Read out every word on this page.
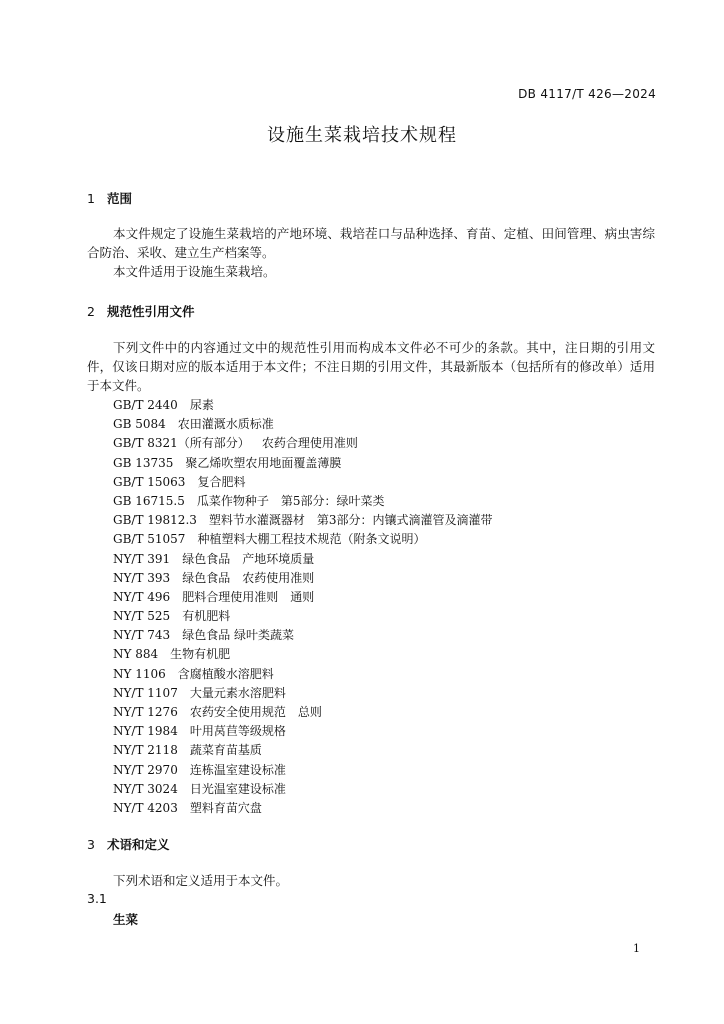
DB 4117/T 426—2024
设施生菜栽培技术规程
1 范围
本文件规定了设施生菜栽培的产地环境、栽培茬口与品种选择、育苗、定植、田间管理、病虫害综合防治、采收、建立生产档案等。
本文件适用于设施生菜栽培。
2 规范性引用文件
下列文件中的内容通过文中的规范性引用而构成本文件必不可少的条款。其中，注日期的引用文件，仅该日期对应的版本适用于本文件；不注日期的引用文件，其最新版本（包括所有的修改单）适用于本文件。
GB/T 2440 尿素
GB 5084 农田灌溉水质标准
GB/T 8321（所有部分） 农药合理使用准则
GB 13735 聚乙烯吹塑农用地面覆盖薄膜
GB/T 15063 复合肥料
GB 16715.5 瓜菜作物种子　第5部分：绿叶菜类
GB/T 19812.3 塑料节水灌溉器材　第3部分：内镶式滴灌管及滴灌带
GB/T 51057 种植塑料大棚工程技术规范（附条文说明）
NY/T 391 绿色食品　产地环境质量
NY/T 393 绿色食品　农药使用准则
NY/T 496 肥料合理使用准则　通则
NY/T 525 有机肥料
NY/T 743 绿色食品 绿叶类蔬菜
NY 884 生物有机肥
NY 1106 含腐植酸水溶肥料
NY/T 1107 大量元素水溶肥料
NY/T 1276 农药安全使用规范　总则
NY/T 1984 叶用莴苣等级规格
NY/T 2118 蔬菜育苗基质
NY/T 2970 连栋温室建设标准
NY/T 3024 日光温室建设标准
NY/T 4203 塑料育苗穴盘
3 术语和定义
下列术语和定义适用于本文件。
3.1
生菜
1
